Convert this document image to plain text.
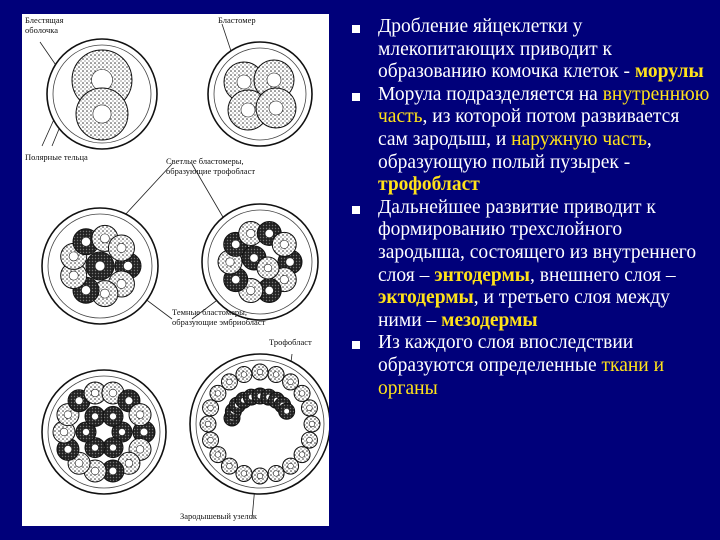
Блестящая
оболочка
Бластомер
Полярные тельца	Светлые бластомеры,
образующие трофобласт
Темные бластомеры,
образующие эмбриобласт
Трофобласт
Зародышевый узелок
Дробление яйцеклетки у млекопитающих приводит к образованию комочка клеток - морулы
Морула подразделяется на внутреннюю часть, из которой потом развивается сам зародыш, и наружную часть, образующую полый пузырек - трофобласт
Дальнейшее развитие приводит к формированию трехслойного зародыша, состоящего из внутреннего слоя – энтодермы, внешнего слоя – эктодермы, и третьего слоя между ними – мезодермы
Из каждого слоя впоследствии образуются определенные ткани и органы
